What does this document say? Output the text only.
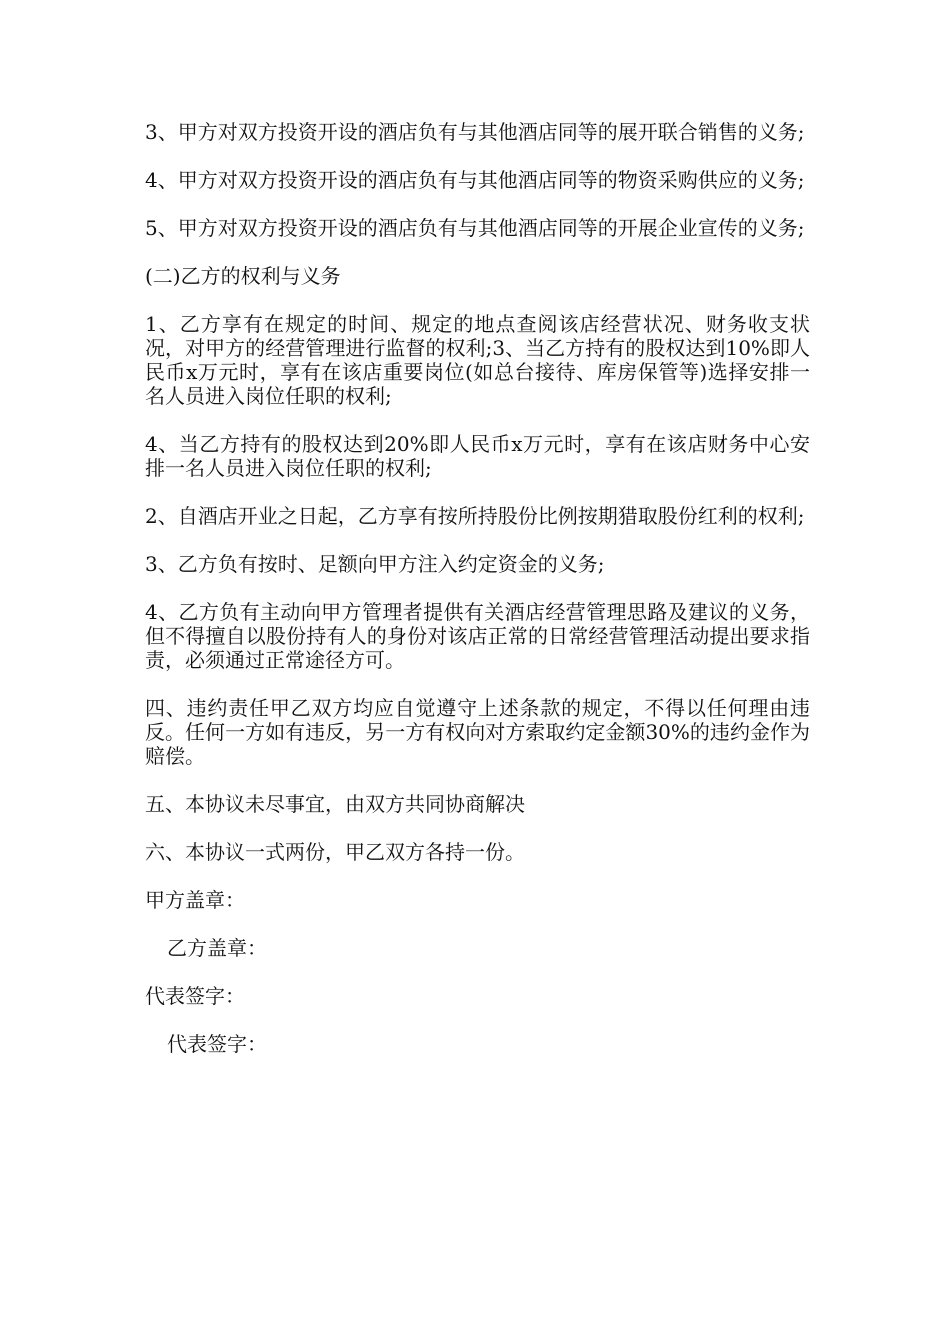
3、甲方对双方投资开设的酒店负有与其他酒店同等的展开联合销售的义务;

4、甲方对双方投资开设的酒店负有与其他酒店同等的物资采购供应的义务;

5、甲方对双方投资开设的酒店负有与其他酒店同等的开展企业宣传的义务;

(二)乙方的权利与义务

1、乙方享有在规定的时间、规定的地点查阅该店经营状况、财务收支状况，对甲方的经营管理进行监督的权利;3、当乙方持有的股权达到10%即人民币x万元时，享有在该店重要岗位(如总台接待、库房保管等)选择安排一名人员进入岗位任职的权利;

4、当乙方持有的股权达到20%即人民币x万元时，享有在该店财务中心安排一名人员进入岗位任职的权利;

2、自酒店开业之日起，乙方享有按所持股份比例按期猎取股份红利的权利;

3、乙方负有按时、足额向甲方注入约定资金的义务;

4、乙方负有主动向甲方管理者提供有关酒店经营管理思路及建议的义务，但不得擅自以股份持有人的身份对该店正常的日常经营管理活动提出要求指责，必须通过正常途径方可。

四、违约责任甲乙双方均应自觉遵守上述条款的规定，不得以任何理由违反。任何一方如有违反，另一方有权向对方索取约定金额30%的违约金作为赔偿。

五、本协议未尽事宜，由双方共同协商解决

六、本协议一式两份，甲乙双方各持一份。

甲方盖章：

乙方盖章：

代表签字：

代表签字：
